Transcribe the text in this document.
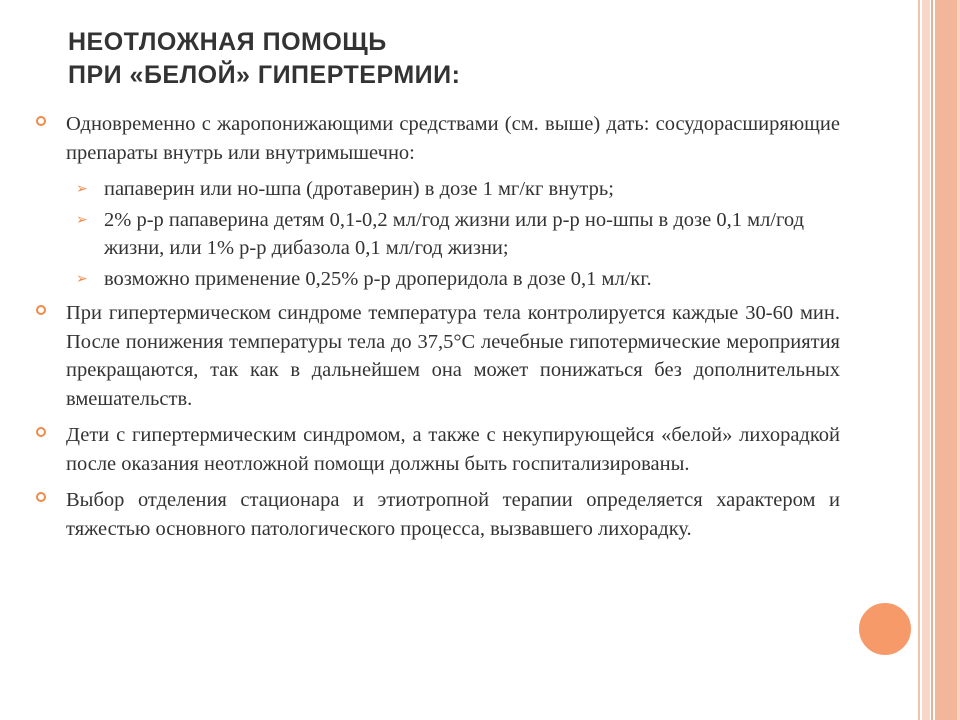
НЕОТЛОЖНАЯ ПОМОЩЬ
ПРИ «БЕЛОЙ» ГИПЕРТЕРМИИ:
Одновременно с жаропонижающими средствами (см. выше) дать: сосудорасширяющие препараты внутрь или внутримышечно:
➢ папаверин или но-шпа (дротаверин) в дозе 1 мг/кг внутрь;
➢ 2% р-р папаверина детям 0,1-0,2 мл/год жизни или р-р но-шпы в дозе 0,1 мл/год жизни, или 1% р-р дибазола 0,1 мл/год жизни;
➢ возможно применение 0,25% р-р дроперидола в дозе 0,1 мл/кг.
При гипертермическом синдроме температура тела контролируется каждые 30-60 мин. После понижения температуры тела до 37,5°С лечебные гипотермические мероприятия прекращаются, так как в дальнейшем она может понижаться без дополнительных вмешательств.
Дети с гипертермическим синдромом, а также с некупирующейся «белой» лихорадкой после оказания неотложной помощи должны быть госпитализированы.
Выбор отделения стационара и этиотропной терапии определяется характером и тяжестью основного патологического процесса, вызвавшего лихорадку.
